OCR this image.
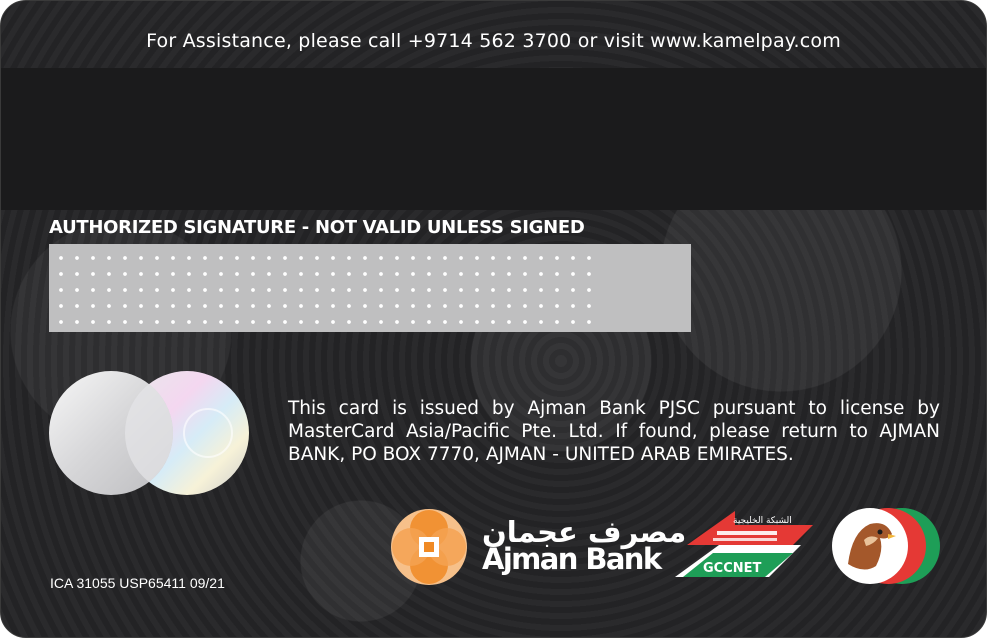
For Assistance, please call +9714 562 3700 or visit www.kamelpay.com
AUTHORIZED SIGNATURE - NOT VALID UNLESS SIGNED
This card is issued by Ajman Bank PJSC pursuant to license by MasterCard Asia/Pacific Pte. Ltd. If found, please return to AJMAN BANK, PO BOX 7770, AJMAN - UNITED ARAB EMIRATES.
ICA 31055 USP65411 09/21
مصرف عجمان
Ajman Bank
الشبكة الخليجية
GCCNET
